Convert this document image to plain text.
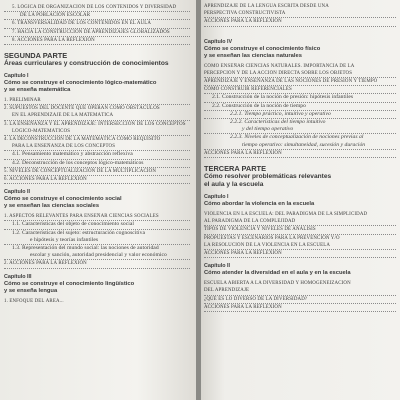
5. LÓGICA DE ORGANIZACIÓN DE LOS CONTENIDOS Y DIVERSIDAD
DE LA POBLACIÓN ESCOLAR
6. TRANSVERSALIDAD DE LOS CONTENIDOS EN EL AULA
7. HACIA LA CONSTRUCCIÓN DE APRENDIZAJES GLOBALIZADOS
8. ACCIONES PARA LA REFLEXIÓN
SEGUNDA PARTE
Áreas curriculares y construcción de conocimientos
Capítulo I
Cómo se construye el conocimiento lógico-matemático
y se enseña matemática
1. PRELIMINAR
2. SUPUESTOS DEL DOCENTE QUE OPERAN COMO OBSTÁCULOS
EN EL APRENDIZAJE DE LA MATEMÁTICA
3. LA ENSEÑANZA Y EL APRENDIZAJE: INTERSECCIÓN DE LOS CONCEPTOS
LÓGICO-MATEMÁTICOS
4. LA DECONSTRUCCIÓN DE LA MATEMÁTICA COMO REQUISITO
PARA LA ENSEÑANZA DE LOS CONCEPTOS
4.1. Pensamiento matemático y abstracción reflexiva
4.2. Deconstrucción de los conceptos lógico-matemáticos
5. NIVELES DE CONCEPTUALIZACIÓN DE LA MULTIPLICACIÓN
6. ACCIONES PARA LA REFLEXIÓN
Capítulo II
Cómo se construye el conocimiento social
y se enseñan las ciencias sociales
1. ASPECTOS RELEVANTES PARA ENSEÑAR CIENCIAS SOCIALES
1.1. Características del objeto de conocimiento social
1.2. Características del sujeto: estructuración cognoscitiva
e hipótesis y teorías infantiles
1.3. Representación del mundo social: las nociones de autoridad
escolar y sanción, autoridad presidencial y valor económico
2. ACCIONES PARA LA REFLEXIÓN
Capítulo III
Cómo se construye el conocimiento lingüístico
y se enseña lengua
1. ENFOQUE DEL ÁREA...
APRENDIZAJE DE LA LENGUA ESCRITA DESDE UNA
PERSPECTIVA CONSTRUCTIVISTA
ACCIONES PARA LA REFLEXIÓN
Capítulo IV
Cómo se construye el conocimiento físico
y se enseñan las ciencias naturales
CÓMO ENSEÑAR CIENCIAS NATURALES. IMPORTANCIA DE LA
PERCEPCIÓN Y DE LA ACCIÓN DIRECTA SOBRE LOS OBJETOS
APRENDIZAJE Y ENSEÑANZA DE LAS NOCIONES DE PRESIÓN Y TIEMPO
CÓMO CONSTRUIR REFERENCIALES
2.1. Construcción de la noción de presión: hipótesis infantiles
2.2. Construcción de la noción de tiempo
2.2.1. Tiempo práctico, intuitivo y operativo
2.2.2. Características del tiempo intuitivo
y del tiempo operativo
2.2.3. Niveles de conceptualización de nociones previas al
tiempo operativo: simultaneidad, sucesión y duración
ACCIONES PARA LA REFLEXIÓN
TERCERA PARTE
Cómo resolver problemáticas relevantes
el aula y la escuela
Capítulo I
Cómo abordar la violencia en la escuela
VIOLENCIA EN LA ESCUELA: DEL PARADIGMA DE LA SIMPLICIDAD
AL PARADIGMA DE LA COMPLEJIDAD
TIPOS DE VIOLENCIA Y NIVELES DE ANÁLISIS
PROPUESTAS Y ESCENARIOS PARA LA PREVENCIÓN Y/O
LA RESOLUCIÓN DE LA VIOLENCIA EN LA ESCUELA
ACCIONES PARA LA REFLEXIÓN
Capítulo II
Cómo atender la diversidad en el aula y en la escuela
ESCUELA ABIERTA A LA DIVERSIDAD Y HOMOGENEIZACIÓN
DEL APRENDIZAJE
¿QUÉ ES LO DIVERSO DE LA DIVERSIDAD?
ACCIONES PARA LA REFLEXIÓN
